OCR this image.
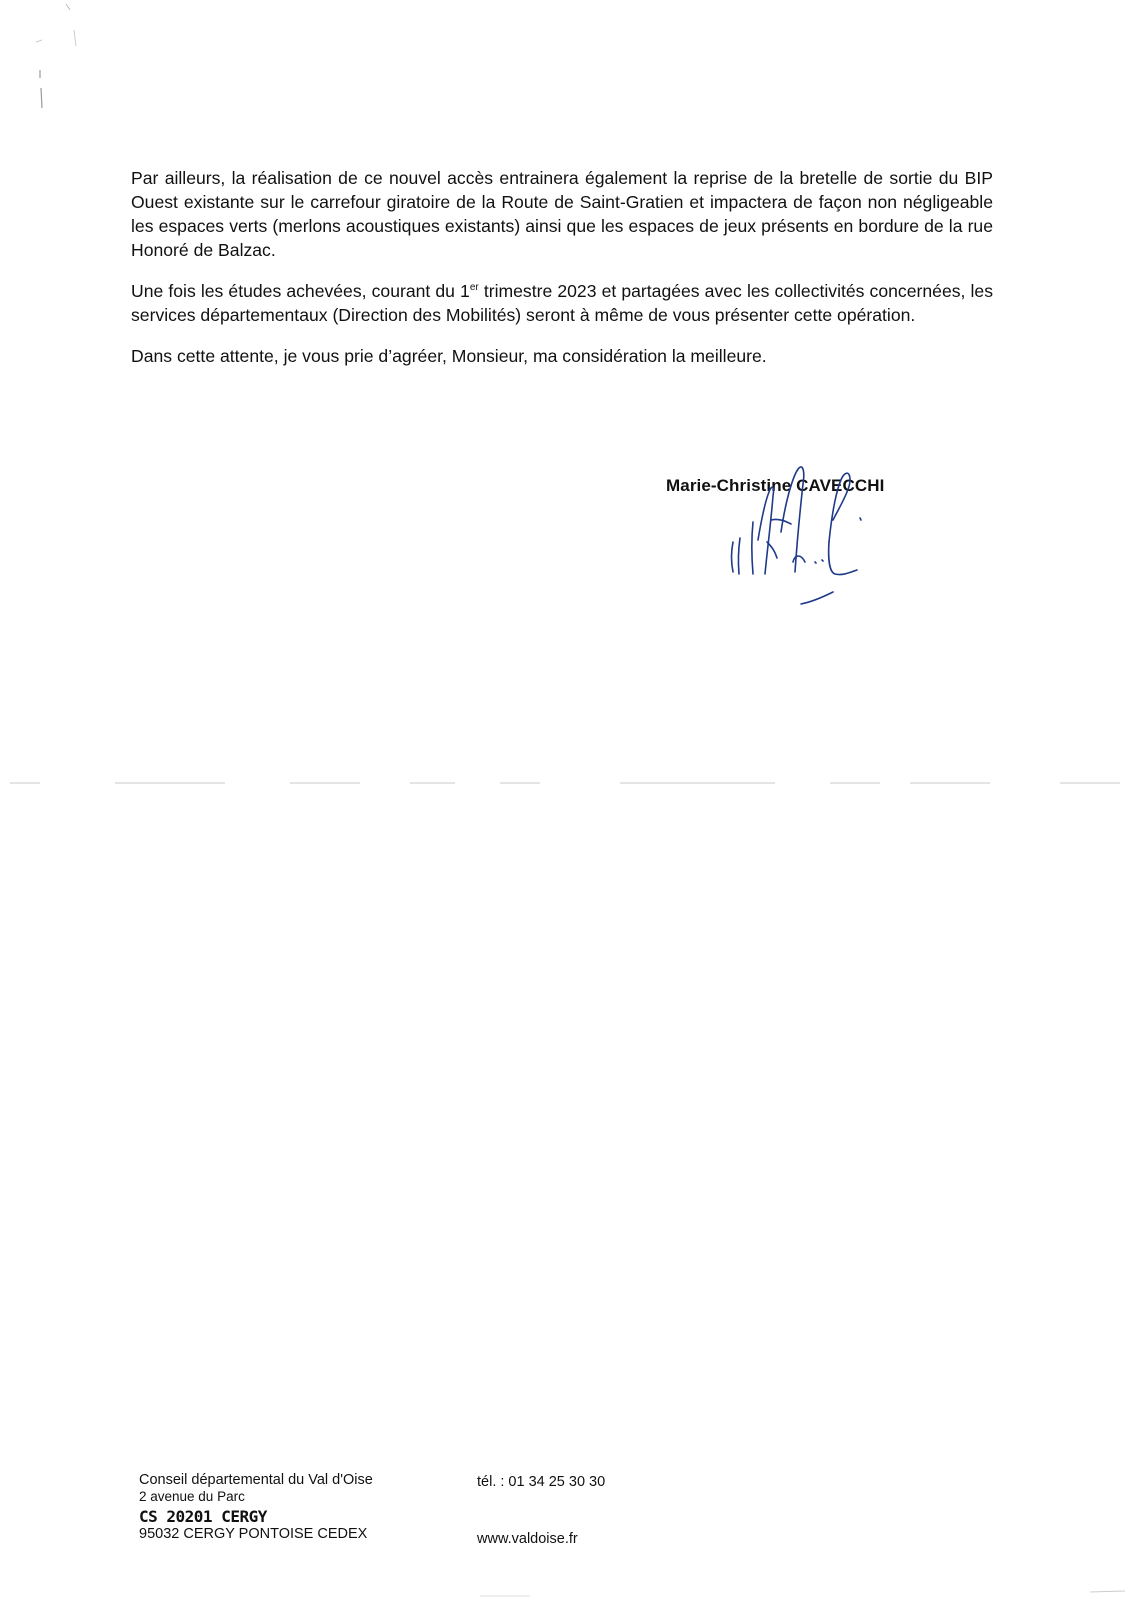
Par ailleurs, la réalisation de ce nouvel accès entrainera également la reprise de la bretelle de sortie du BIP Ouest existante sur le carrefour giratoire de la Route de Saint-Gratien et impactera de façon non négligeable les espaces verts (merlons acoustiques existants) ainsi que les espaces de jeux présents en bordure de la rue Honoré de Balzac.

Une fois les études achevées, courant du 1er trimestre 2023 et partagées avec les collectivités concernées, les services départementaux (Direction des Mobilités) seront à même de vous présenter cette opération.

Dans cette attente, je vous prie d’agréer, Monsieur, ma considération la meilleure.

Marie-Christine CAVECCHI
Conseil départemental du Val d'Oise
2 avenue du Parc
CS 20201 CERGY
95032 CERGY PONTOISE CEDEX
tél. : 01 34 25 30 30
www.valdoise.fr
